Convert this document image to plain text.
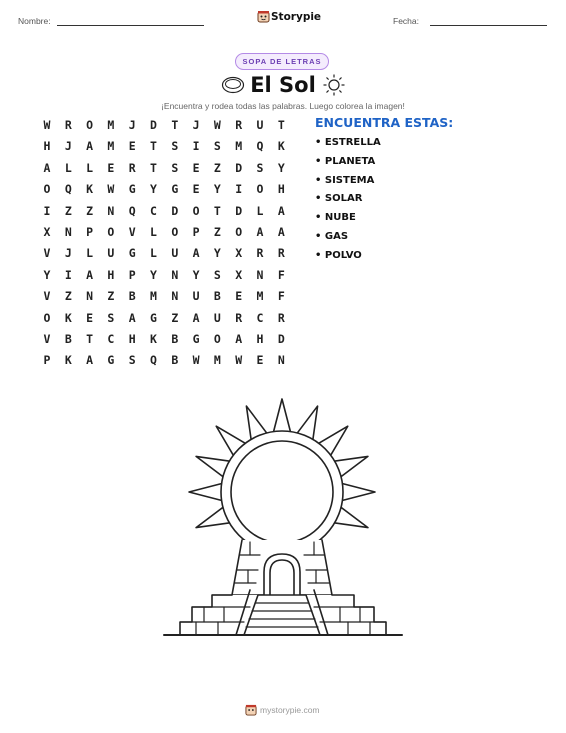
Nombre:	Storypie	Fecha:
SOPA DE LETRAS
El Sol
¡Encuentra y rodea todas las palabras. Luego colorea la imagen!
W	R	O	M	J	D	T	J	W	R	U	T
H	J	A	M	E	T	S	I	S	M	Q	K
A	L	L	E	R	T	S	E	Z	D	S	Y
O	Q	K	W	G	Y	G	E	Y	I	O	H
I	Z	Z	N	Q	C	D	O	T	D	L	A
X	N	P	O	V	L	O	P	Z	O	A	A
V	J	L	U	G	L	U	A	Y	X	R	R
Y	I	A	H	P	Y	N	Y	S	X	N	F
V	Z	N	Z	B	M	N	U	B	E	M	F
O	K	E	S	A	G	Z	A	U	R	C	R
V	B	T	C	H	K	B	G	O	A	H	D
P	K	A	G	S	Q	B	W	M	W	E	N
ENCUENTRA ESTAS:
• ESTRELLA
• PLANETA
• SISTEMA
• SOLAR
• NUBE
• GAS
• POLVO
mystorypie.com
